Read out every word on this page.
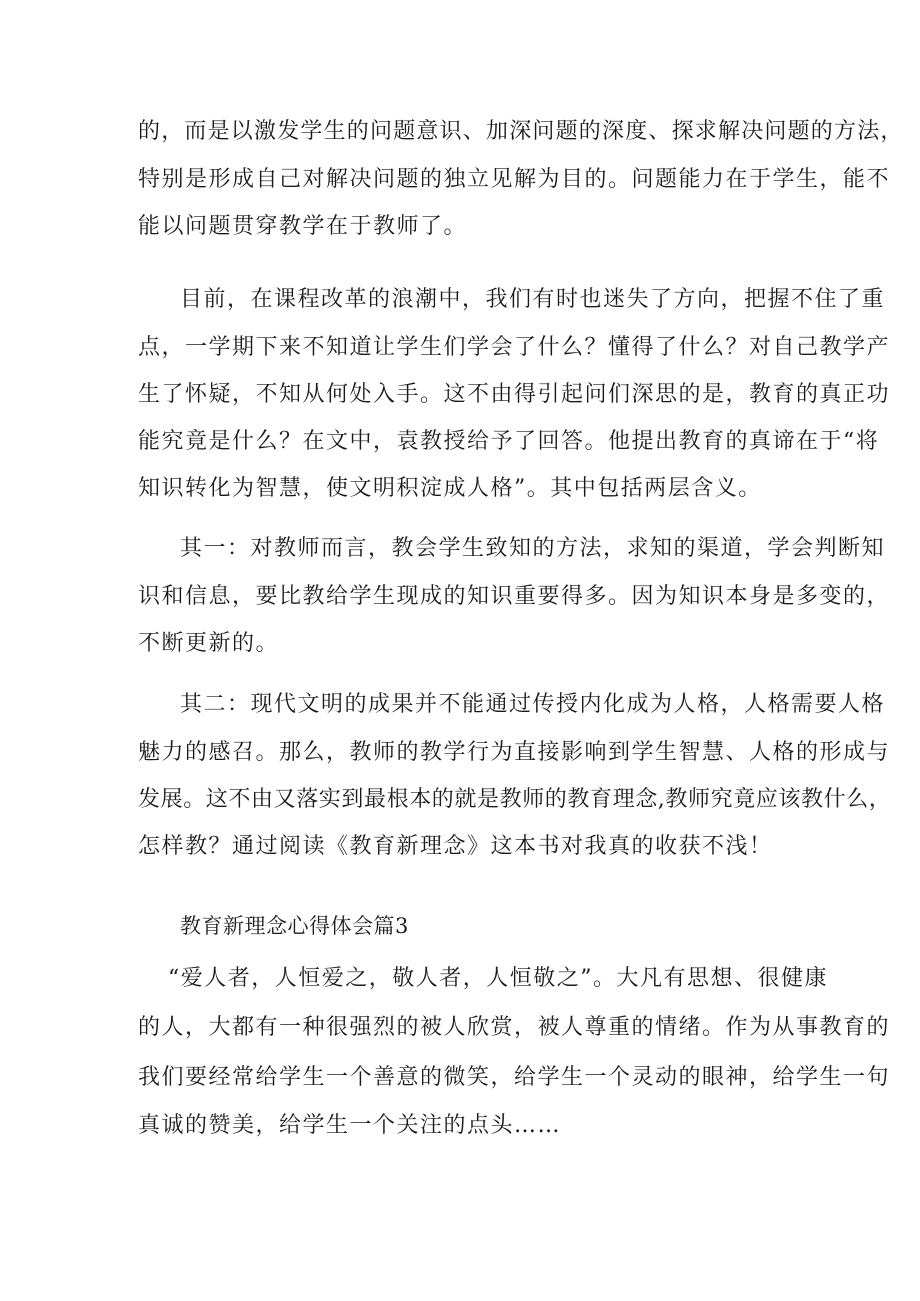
的，而是以激发学生的问题意识、加深问题的深度、探求解决问题的方法，
特别是形成自己对解决问题的独立见解为目的。问题能力在于学生，能不
能以问题贯穿教学在于教师了。
目前，在课程改革的浪潮中，我们有时也迷失了方向，把握不住了重
点，一学期下来不知道让学生们学会了什么？懂得了什么？对自己教学产
生了怀疑，不知从何处入手。这不由得引起问们深思的是，教育的真正功
能究竟是什么？在文中，袁教授给予了回答。他提出教育的真谛在于“将
知识转化为智慧，使文明积淀成人格”。其中包括两层含义。
其一：对教师而言，教会学生致知的方法，求知的渠道，学会判断知
识和信息，要比教给学生现成的知识重要得多。因为知识本身是多变的，
不断更新的。
其二：现代文明的成果并不能通过传授内化成为人格，人格需要人格
魅力的感召。那么，教师的教学行为直接影响到学生智慧、人格的形成与
发展。这不由又落实到最根本的就是教师的教育理念,教师究竟应该教什么，
怎样教？通过阅读《教育新理念》这本书对我真的收获不浅！
教育新理念心得体会篇3
“爱人者，人恒爱之，敬人者，人恒敬之”。大凡有思想、很健康
的人，大都有一种很强烈的被人欣赏，被人尊重的情绪。作为从事教育的
我们要经常给学生一个善意的微笑，给学生一个灵动的眼神，给学生一句
真诚的赞美，给学生一个关注的点头……
